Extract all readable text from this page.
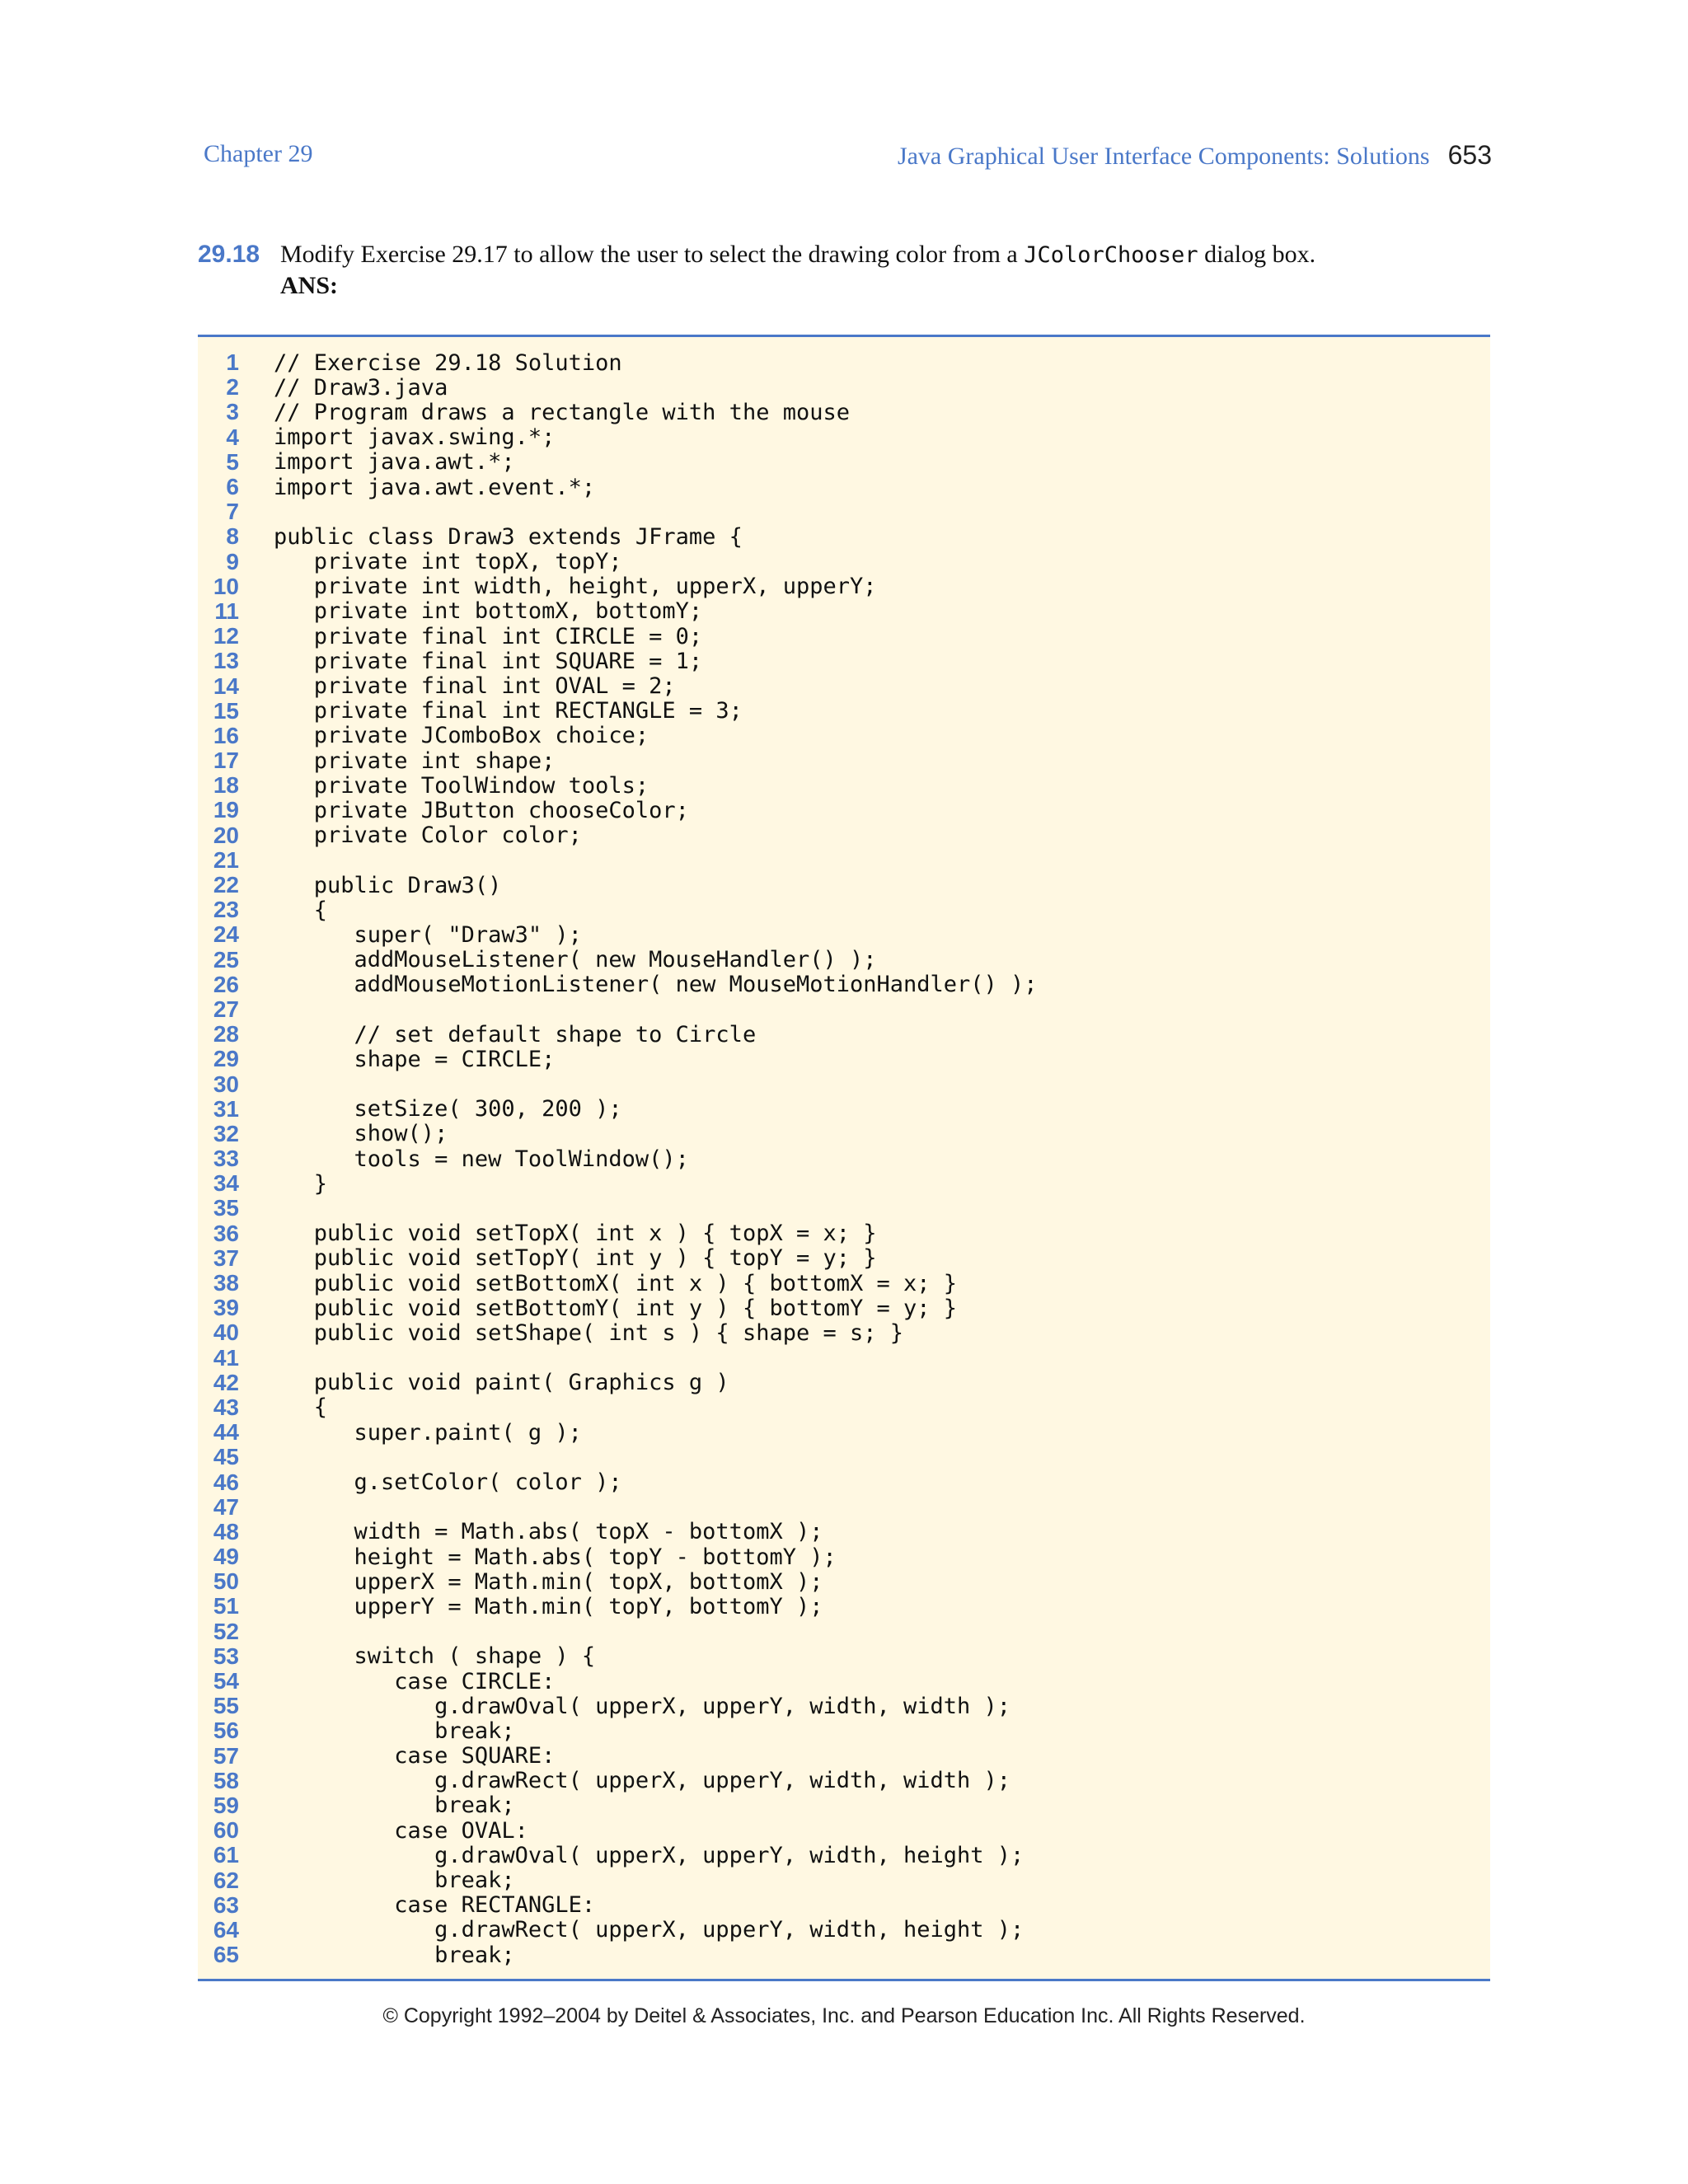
Chapter 29	Java Graphical User Interface Components: Solutions 653
29.18 Modify Exercise 29.17 to allow the user to select the drawing color from a JColorChooser dialog box.
ANS:
1 // Exercise 29.18 Solution
2 // Draw3.java
3 // Program draws a rectangle with the mouse
4 import javax.swing.*;
5 import java.awt.*;
6 import java.awt.event.*;
7
8 public class Draw3 extends JFrame {
9 private int topX, topY;
10 private int width, height, upperX, upperY;
11 private int bottomX, bottomY;
12 private final int CIRCLE = 0;
13 private final int SQUARE = 1;
14 private final int OVAL = 2;
15 private final int RECTANGLE = 3;
16 private JComboBox choice;
17 private int shape;
18 private ToolWindow tools;
19 private JButton chooseColor;
20 private Color color;
21
22 public Draw3()
23 {
24 super( "Draw3" );
25 addMouseListener( new MouseHandler() );
26 addMouseMotionListener( new MouseMotionHandler() );
27
28 // set default shape to Circle
29 shape = CIRCLE;
30
31 setSize( 300, 200 );
32 show();
33 tools = new ToolWindow();
34 }
35
36 public void setTopX( int x ) { topX = x; }
37 public void setTopY( int y ) { topY = y; }
38 public void setBottomX( int x ) { bottomX = x; }
39 public void setBottomY( int y ) { bottomY = y; }
40 public void setShape( int s ) { shape = s; }
41
42 public void paint( Graphics g )
43 {
44 super.paint( g );
45
46 g.setColor( color );
47
48 width = Math.abs( topX - bottomX );
49 height = Math.abs( topY - bottomY );
50 upperX = Math.min( topX, bottomX );
51 upperY = Math.min( topY, bottomY );
52
53 switch ( shape ) {
54 case CIRCLE:
55 g.drawOval( upperX, upperY, width, width );
56 break;
57 case SQUARE:
58 g.drawRect( upperX, upperY, width, width );
59 break;
60 case OVAL:
61 g.drawOval( upperX, upperY, width, height );
62 break;
63 case RECTANGLE:
64 g.drawRect( upperX, upperY, width, height );
65 break;
© Copyright 1992–2004 by Deitel & Associates, Inc. and Pearson Education Inc. All Rights Reserved.
